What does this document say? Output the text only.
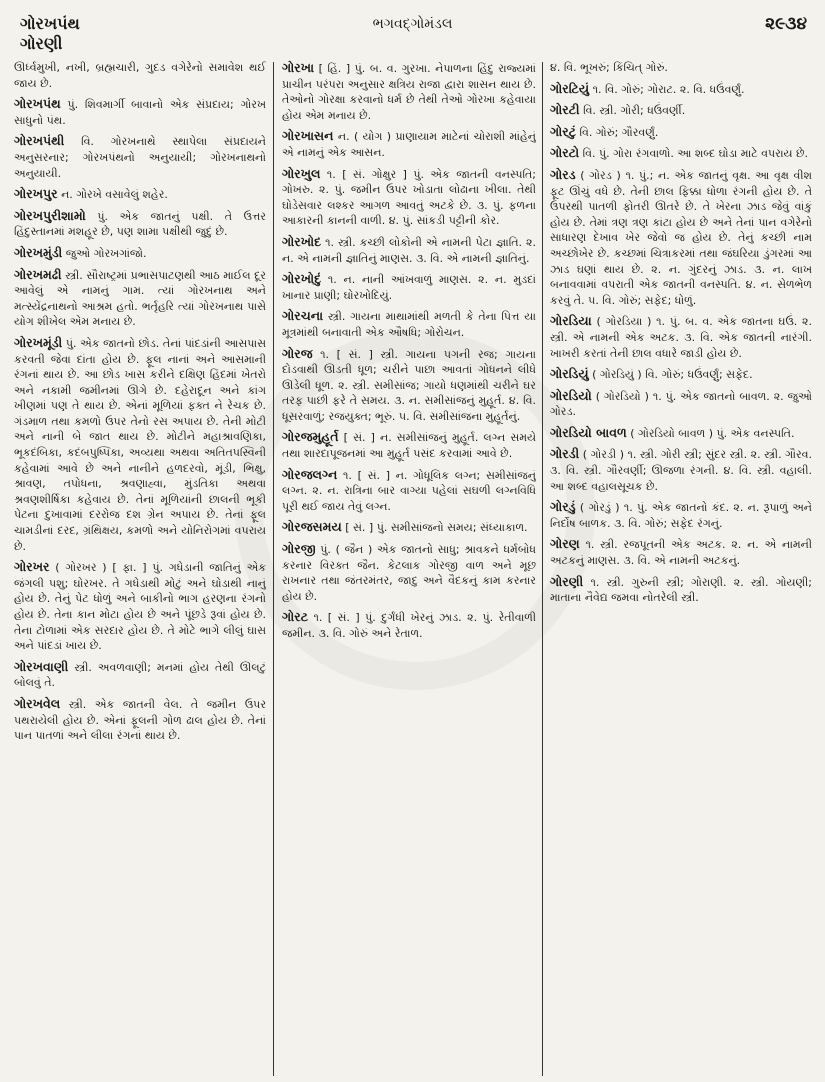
ગોરખપંથ
ગોરણી
ભગવદ્‌ગોમંડલ	૨૯૩૪

ઊર્ધ્વમુખી, નખી, બ્રહ્મચારી, ગુદડ વગેરેનો સમાવેશ થઈ જાય છે.

ગોરખપંથ પું. શિવમાર્ગી બાવાનો એક સંપ્રદાય; ગોરખ સાધુનો પંથ.

ગોરખપંથી વિ. ગોરખનાથે સ્થાપેલા સંપ્રદાયને અનુસરનાર; ગોરખપંથનો અનુયાયી; ગોરખનાથનો અનુયાયી.

ગોરખપુર ન. ગોરખે વસાવેલું શહેર.

ગોરખપુરીશામો પું. એક જાતનું પક્ષી. તે ઉત્તર હિંદુસ્તાનમાં મશહૂર છે, પણ શામા પક્ષીથી જુદું છે.

ગોરખમુંડી જુઓ ગોરખગાંજો.

ગોરખમઢી સ્ત્રી. સૌરાષ્ટ્રમાં પ્રભાસપાટણથી આઠ માઈલ દૂર આવેલું એ નામનું ગામ. ત્યાં ગોરખનાથ અને મત્સ્યેંદ્રનાથનો આશ્રમ હતો. ભર્તૃહરિ ત્યાં ગોરખનાથ પાસે યોગ શીખેલ એમ મનાય છે.

ગોરખમૂંડી પું. એક જાતનો છોડ. તેનાં પાંદડાંની આસપાસ કરવતી જેવા દાંતા હોય છે. ફૂલ નાનાં અને આસમાની રંગનાં થાય છે. આ છોડ ખાસ કરીને દક્ષિણ હિંદમાં ખેતરો અને નકામી જમીનમાં ઊગે છે. દહેરાદૂન અને કાંગ ખીણમાં પણ તે થાય છે. એનાં મૂળિયાં ફક્ત ને રેચક છે. ગંડમાળ તથા કમળો ઉપર તેનો રસ અપાય છે. તેની મોટી અને નાની બે જાત થાય છે. મોટીને મહાશ્રાવણિકા, ભૂકદંબિકા, કદંબપુષ્પિકા, અવ્યથા અથવા અતિતપસ્વિની કહેવામાં આવે છે અને નાનીને હળદરવો, મૂંડી, ભિક્ષુ, શ્રાવણ, તપોધના, શ્રવણાહ્વા, મુંડતિકા અથવા શ્રવણશીર્ષિકા કહેવાય છે. તેનાં મૂળિયાંની છાલની ભૂકી પેટના દુખાવામાં દરરોજ દશ ગ્રેન અપાય છે. તેનાં ફૂલ ચામડીનાં દરદ, ગ્રંથિક્ષય, કમળો અને યોનિરોગમાં વપરાય છે.

ગોરખર ( ગોરખર ) [ ફા. ] પું. ગધેડાની જાતિનું એક જંગલી પશુ; ઘોરખર. તે ગધેડાથી મોટું અને ઘોડાથી નાનું હોય છે. તેનું પેટ ધોળું અને બાકીનો ભાગ હરણના રંગનો હોય છે. તેના કાન મોટા હોય છે અને પૂંછડે રૂવાં હોય છે. તેના ટોળામાં એક સરદાર હોય છે. તે મોટે ભાગે લીલું ઘાસ અને પાંદડાં ખાય છે.

ગોરખવાણી સ્ત્રી. અવળવાણી; મનમાં હોય તેથી ઊલટું બોલવું તે.

ગોરખવેલ સ્ત્રી. એક જાતની વેલ. તે જમીન ઉપર પથરાયેલી હોય છે. એનાં ફૂલની ગોળ ઢાલ હોય છે. તેનાં પાન પાતળાં અને લીલા રંગનાં થાય છે.

ગોરખા [ હિં. ] પું. બ. વ. ગુરખા. નેપાળના હિંદુ રાજ્યમાં પ્રાચીન પરંપરા અનુસાર ક્ષત્રિય રાજા દ્વારા શાસન થાય છે. તેઓનો ગોરક્ષા કરવાનો ધર્મ છે તેથી તેઓ ગોરખા કહેવાયા હોય એમ મનાય છે.

ગોરખાસન ન. ( યોગ ) પ્રાણાયામ માટેનાં ચોરાશી માંહેનું એ નામનું એક આસન.

ગોરખુલ ૧. [ સં. ગોક્ષુર ] પું. એક જાતની વનસ્પતિ; ગોખરુ. ૨. પું. જમીન ઉપર ખોડાતા લોઢાના ખીલા. તેથી ઘોડેસવાર લશ્કર આગળ આવતું અટકે છે. ૩. પું. ફળના આકારની કાનની વાળી. ૪. પું. સાંકડી પટ્ટીની કોર.

ગોરખોદ ૧. સ્ત્રી. કચ્છી લોકોની એ નામની પેટા જ્ઞાતિ. ૨. ન. એ નામની જ્ઞાતિનું માણસ. ૩. વિ. એ નામની જ્ઞાતિનું.

ગોરખોદું ૧. ન. નાની આંખવાળું માણસ. ૨. ન. મુડદાં ખાનાર પ્રાણી; ઘોરખોદિયું.

ગોરચના સ્ત્રી. ગાયના માથામાંથી મળતી કે તેના પિત્ત યા મૂત્રમાંથી બનાવાતી એક ઔષધિ; ગોરોચન.

ગોરજ ૧. [ સં. ] સ્ત્રી. ગાયના પગની રજ; ગાયના દોડવાથી ઊડતી ધૂળ; ચરીને પાછા આવતાં ગોધનને લીધે ઊડેલી ધૂળ. ૨. સ્ત્રી. સમીસાંજ; ગાયો ધણમાંથી ચરીને ઘર તરફ પાછી ફરે તે સમય. ૩. ન. સમીસાંજનું મુહૂર્ત. ૪. વિ. ધૂસરવાળું; રજયુક્ત; ભૂરું. ૫. વિ. સમીસાંજના મુહૂર્તનું.

ગોરજમુહૂર્ત [ સં. ] ન. સમીસાંજનું મુહૂર્ત. લગ્ન સમયે તથા શારદાપૂજનમાં આ મુહૂર્ત પસંદ કરવામાં આવે છે.

ગોરજલગ્ન ૧. [ સં. ] ન. ગોધૂલિક લગ્ન; સમીસાંજનું લગ્ન. ૨. ન. રાત્રિના બાર વાગ્યા પહેલાં સઘળી લગ્નવિધિ પૂરી થઈ જાય તેવું લગ્ન.

ગોરજસમય [ સં. ] પું. સમીસાંજનો સમય; સંધ્યાકાળ.

ગોરજી પું. ( જૈન ) એક જાતનો સાધુ; શ્રાવકને ધર્મબોધ કરનાર વિરક્ત જૈન. કેટલાક ગોરજી વાળ અને મૂછ રાખનાર તથા જંતરમંતર, જાદુ અને વૈદકનું કામ કરનાર હોય છે.

ગોરટ ૧. [ સં. ] પું. દુર્ગંધી ખેરનું ઝાડ. ૨. પું. રેતીવાળી જમીન. ૩. વિ. ગોરું અને રેતાળ.

૪. વિ. ભૂખરું; કિંચિત્ ગોરું.

ગોરટિયું ૧. વિ. ગોરું; ગોરાટ. ૨. વિ. ધઉંવર્ણું.

ગોરટી વિ. સ્ત્રી. ગોરી; ધઉંવર્ણી.

ગોરટું વિ. ગોરું; ગૌરવર્ણું.

ગોરટો વિ. પું. ગોરા રંગવાળો. આ શબ્દ ઘોડા માટે વપરાય છે.

ગોરડ ( ગોરડ ) ૧. પું.; ન. એક જાતનું વૃક્ષ. આ વૃક્ષ વીશ ફૂટ ઊંચું વધે છે. તેની છાલ ફિક્કા ધોળા રંગની હોય છે. તે ઉપરથી પાતળી ફોતરી ઊતરે છે. તે ખેરના ઝાડ જેવું વાંકું હોય છે. તેમાં ત્રણ ત્રણ કાંટા હોય છે અને તેનાં પાન વગેરેનો સાધારણ દેખાવ ખેર જેવો જ હોય છે. તેનું કચ્છી નામ અચ્છોખેર છે. કચ્છમાં ચિત્રાકરમાં તથા જંઘરિયા ડુંગરમાં આ ઝાડ ઘણાં થાય છે. ૨. ન. ગુંદરનું ઝાડ. ૩. ન. લાખ બનાવવામાં વપરાતી એક જાતની વનસ્પતિ. ૪. ન. સેળભેળ કરવું તે. ૫. વિ. ગોરું; સફેદ; ધોળું.

ગોરડિયા ( ગોરડિયા ) ૧. પું. બ. વ. એક જાતના ઘઉં. ૨. સ્ત્રી. એ નામની એક અટક. ૩. વિ. એક જાતની નારંગી. ખાખરી કરતાં તેની છાલ વધારે જાડી હોય છે.

ગોરડિયું ( ગોરડિયું ) વિ. ગોરું; ધઉંવર્ણું; સફેદ.

ગોરડિયો ( ગોરડિયો ) ૧. પું. એક જાતનો બાવળ. ૨. જુઓ ગોરડ.

ગોરડિયો બાવળ ( ગોરડિયો બાવળ ) પું. એક વનસ્પતિ.

ગોરડી ( ગોરડી ) ૧. સ્ત્રી. ગોરી સ્ત્રી; સુંદર સ્ત્રી. ૨. સ્ત્રી. ગૌરવ. ૩. વિ. સ્ત્રી. ગૌરવર્ણી; ઊજળા રંગની. ૪. વિ. સ્ત્રી. વહાલી. આ શબ્દ વહાલસૂચક છે.

ગોરડું ( ગોરડું ) ૧. પું. એક જાતનો કંદ. ૨. ન. રૂપાળું અને નિર્દોષ બાળક. ૩. વિ. ગોરું; સફેદ રંગનું.

ગોરણ ૧. સ્ત્રી. રજપૂતની એક અટક. ૨. ન. એ નામની અટકનું માણસ. ૩. વિ. એ નામની અટકનું.

ગોરણી ૧. સ્ત્રી. ગુરુની સ્ત્રી; ગોરાણી. ૨. સ્ત્રી. ગોયણી; માતાના નૈવેદ્ય જમવા નોતરેલી સ્ત્રી.
